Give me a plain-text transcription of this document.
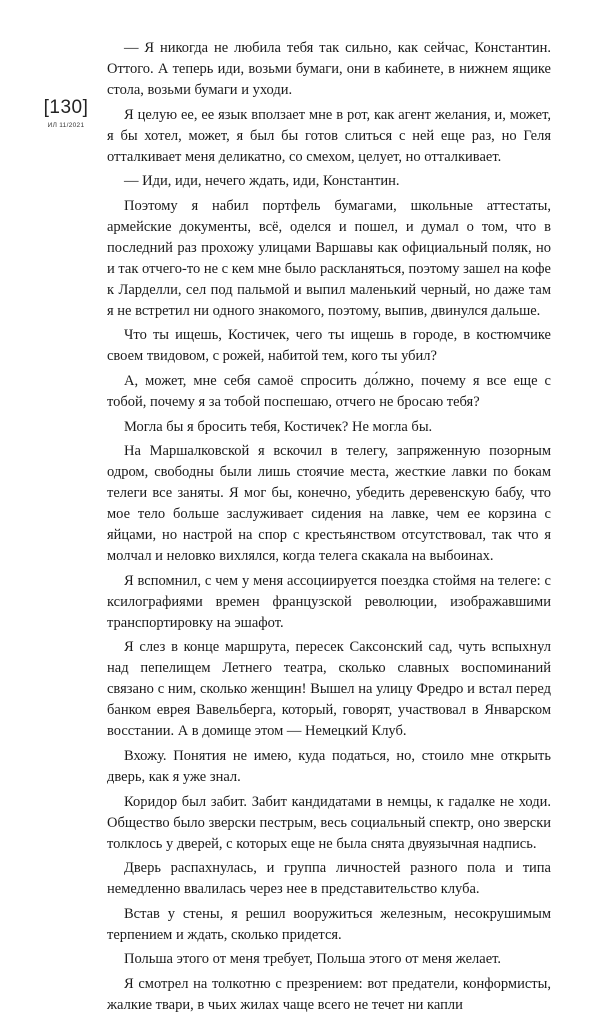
[130]
ИЛ 11/2021

— Я никогда не любила тебя так сильно, как сейчас, Константин. Оттого. А теперь иди, возьми бумаги, они в кабинете, в нижнем ящике стола, возьми бумаги и уходи.

Я целую ее, ее язык вползает мне в рот, как агент желания, и, может, я бы хотел, может, я был бы готов слиться с ней еще раз, но Геля отталкивает меня деликатно, со смехом, целует, но отталкивает.

— Иди, иди, нечего ждать, иди, Константин.

Поэтому я набил портфель бумагами, школьные аттестаты, армейские документы, всё, оделся и пошел, и думал о том, что в последний раз прохожу улицами Варшавы как официальный поляк, но и так отчего-то не с кем мне было раскланяться, поэтому зашел на кофе к Ларделли, сел под пальмой и выпил маленький черный, но даже там я не встретил ни одного знакомого, поэтому, выпив, двинулся дальше.

Что ты ищешь, Костичек, чего ты ищешь в городе, в костюмчике своем твидовом, с рожей, набитой тем, кого ты убил?

А, может, мне себя самоё спросить до́лжно, почему я все еще с тобой, почему я за тобой поспешаю, отчего не бросаю тебя?

Могла бы я бросить тебя, Костичек? Не могла бы.

На Маршалковской я вскочил в телегу, запряженную позорным одром, свободны были лишь стоячие места, жесткие лавки по бокам телеги все заняты. Я мог бы, конечно, убедить деревенскую бабу, что мое тело больше заслуживает сидения на лавке, чем ее корзина с яйцами, но настрой на спор с крестьянством отсутствовал, так что я молчал и неловко вихлялся, когда телега скакала на выбоинах.

Я вспомнил, с чем у меня ассоциируется поездка стоймя на телеге: с ксилографиями времен французской революции, изображавшими транспортировку на эшафот.

Я слез в конце маршрута, пересек Саксонский сад, чуть вспыхнул над пепелищем Летнего театра, сколько славных воспоминаний связано с ним, сколько женщин! Вышел на улицу Фредро и встал перед банком еврея Вавельберга, который, говорят, участвовал в Январском восстании. А в домище этом — Немецкий Клуб.

Вхожу. Понятия не имею, куда податься, но, стоило мне открыть дверь, как я уже знал.

Коридор был забит. Забит кандидатами в немцы, к гадалке не ходи. Общество было зверски пестрым, весь социальный спектр, оно зверски толклось у дверей, с которых еще не была снята двуязычная надпись.

Дверь распахнулась, и группа личностей разного пола и типа немедленно ввалилась через нее в представительство клуба.

Встав у стены, я решил вооружиться железным, несокрушимым терпением и ждать, сколько придется.

Польша этого от меня требует, Польша этого от меня желает.

Я смотрел на толкотню с презрением: вот предатели, конформисты, жалкие твари, в чьих жилах чаще всего не течет ни капли
